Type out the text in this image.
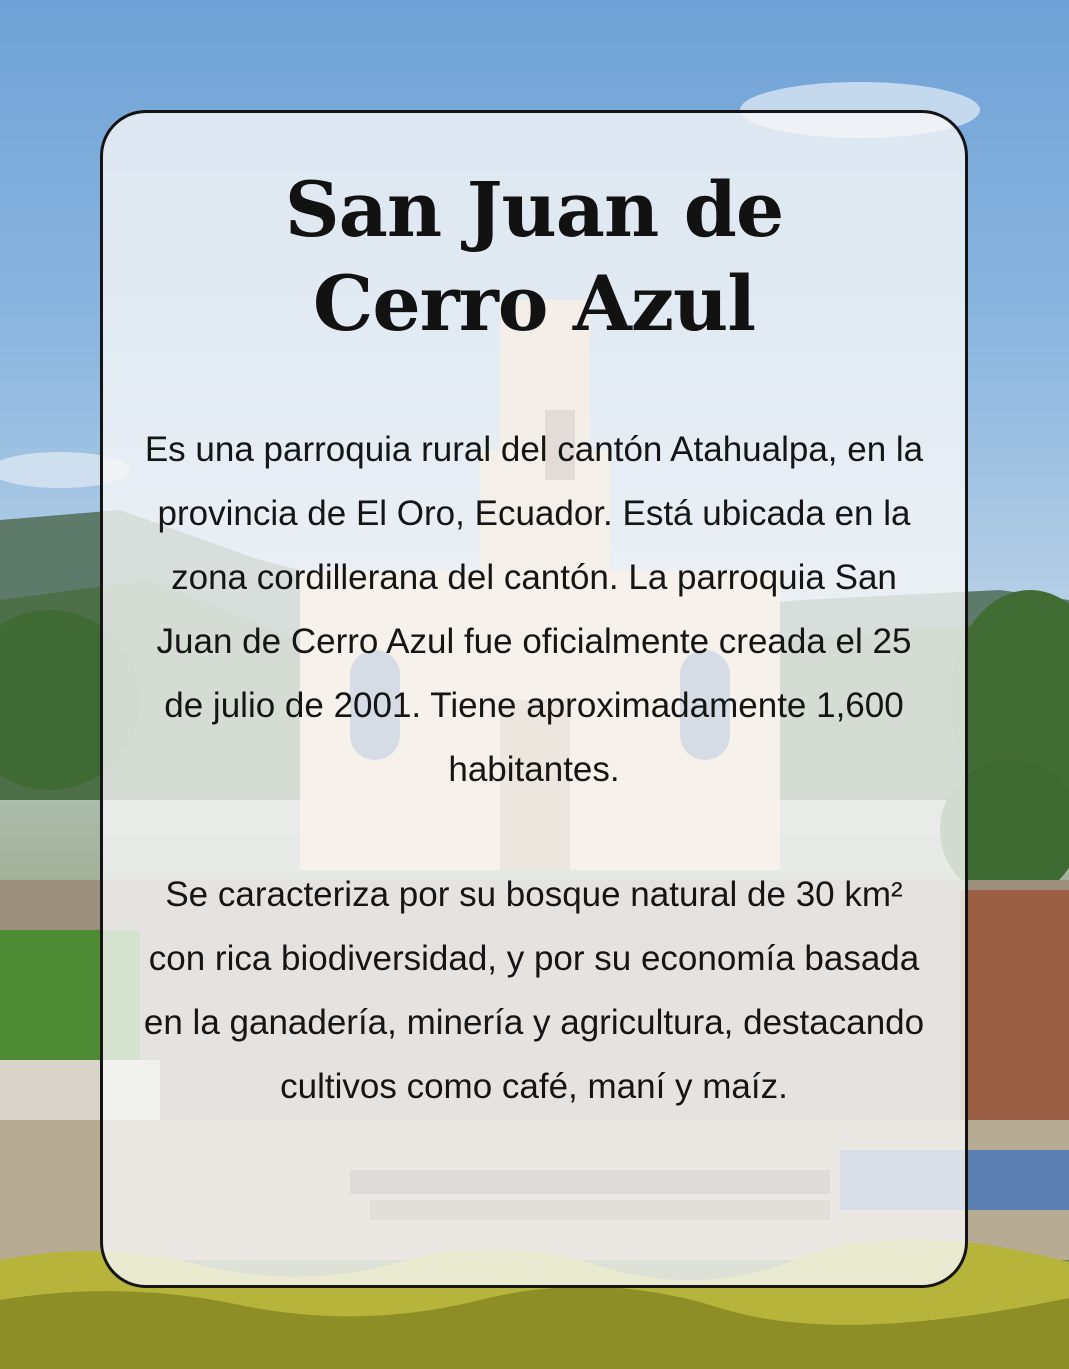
San Juan de
Cerro Azul

Es una parroquia rural del cantón Atahualpa, en la provincia de El Oro, Ecuador. Está ubicada en la zona cordillerana del cantón. La parroquia San Juan de Cerro Azul fue oficialmente creada el 25 de julio de 2001. Tiene aproximadamente 1,600 habitantes.

Se caracteriza por su bosque natural de 30 km² con rica biodiversidad, y por su economía basada en la ganadería, minería y agricultura, destacando cultivos como café, maní y maíz.
